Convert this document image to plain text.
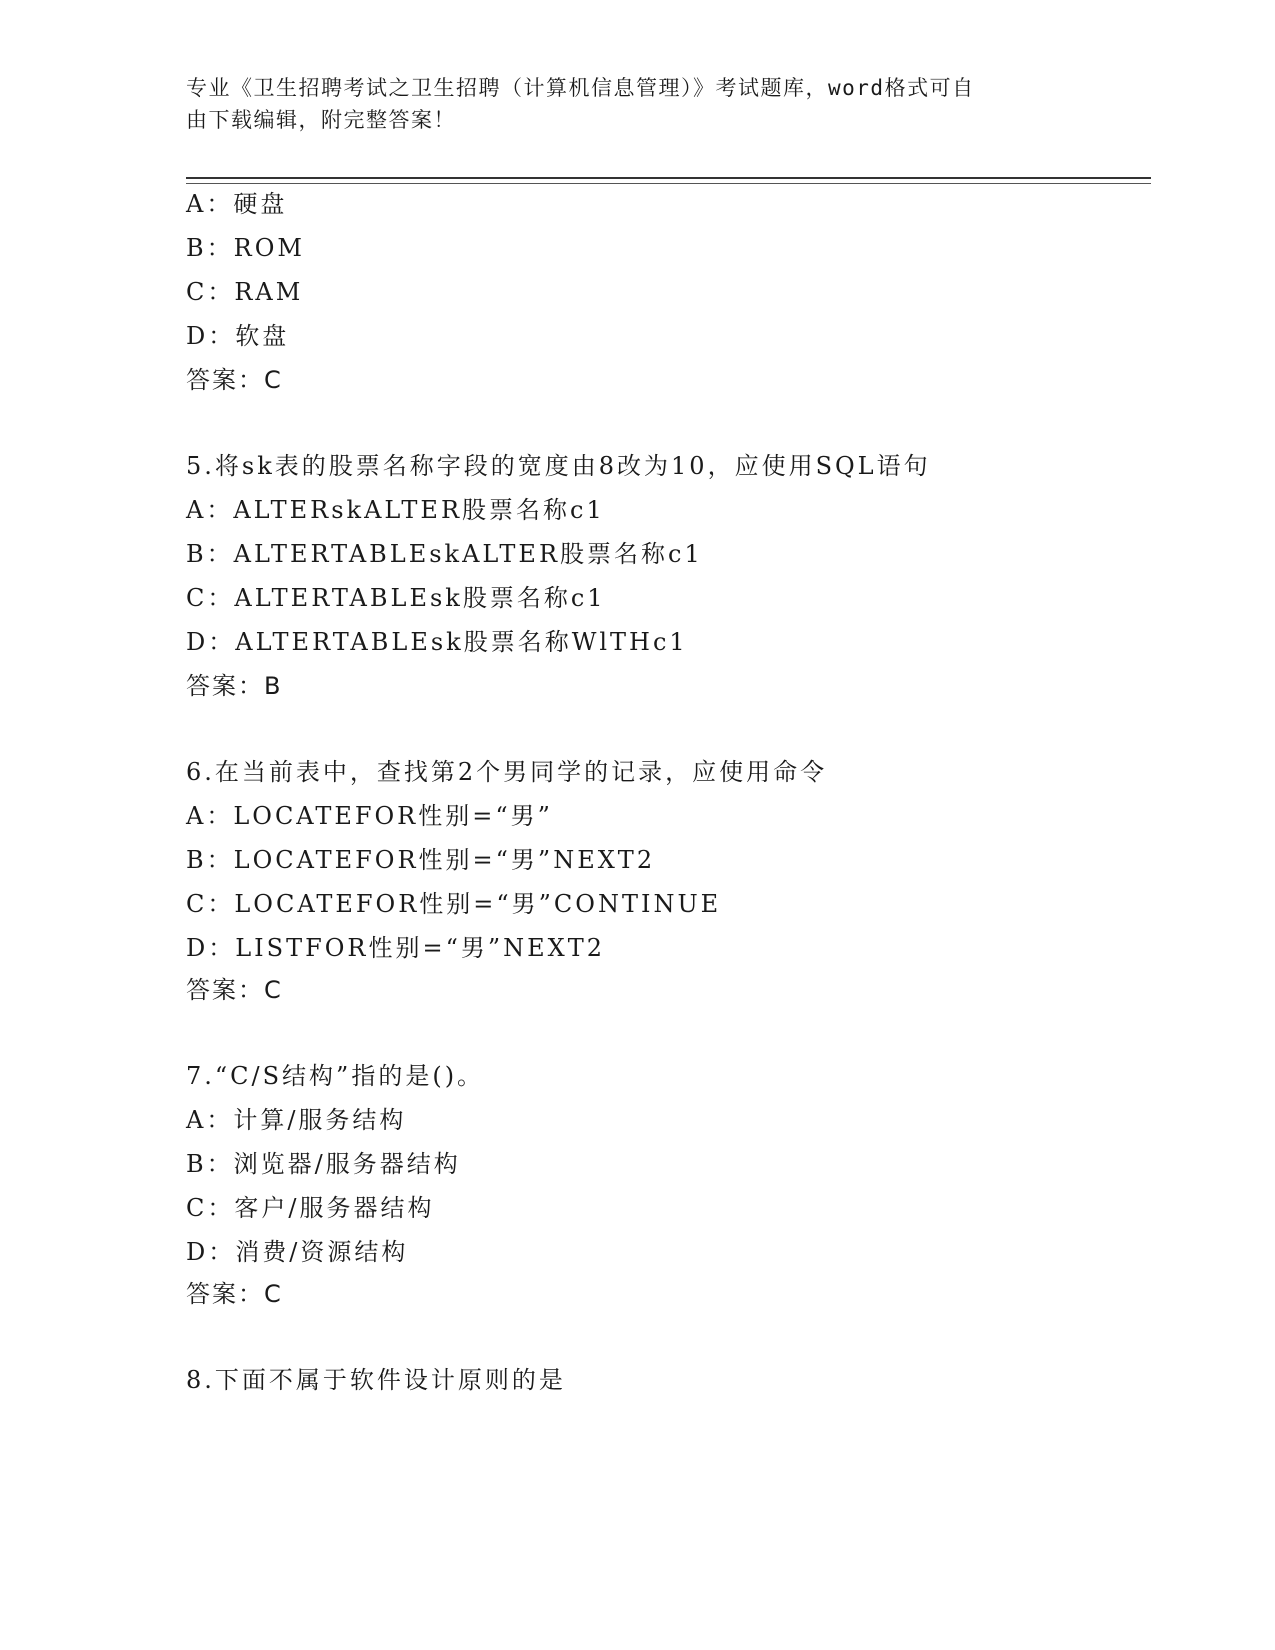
专业《卫生招聘考试之卫生招聘（计算机信息管理）》考试题库，word格式可自
由下载编辑，附完整答案！
A：硬盘
B：ROM
C：RAM
D：软盘
答案：C
5.将sk表的股票名称字段的宽度由8改为10，应使用SQL语句
A：ALTERskALTER股票名称c1
B：ALTERTABLEskALTER股票名称c1
C：ALTERTABLEsk股票名称c1
D：ALTERTABLEsk股票名称WlTHc1
答案：B
6.在当前表中，查找第2个男同学的记录，应使用命令
A：LOCATEFOR性别=“男”
B：LOCATEFOR性别=“男”NEXT2
C：LOCATEFOR性别=“男”CONTINUE
D：LISTFOR性别=“男”NEXT2
答案：C
7.“C/S结构”指的是()。
A：计算/服务结构
B：浏览器/服务器结构
C：客户/服务器结构
D：消费/资源结构
答案：C
8.下面不属于软件设计原则的是
